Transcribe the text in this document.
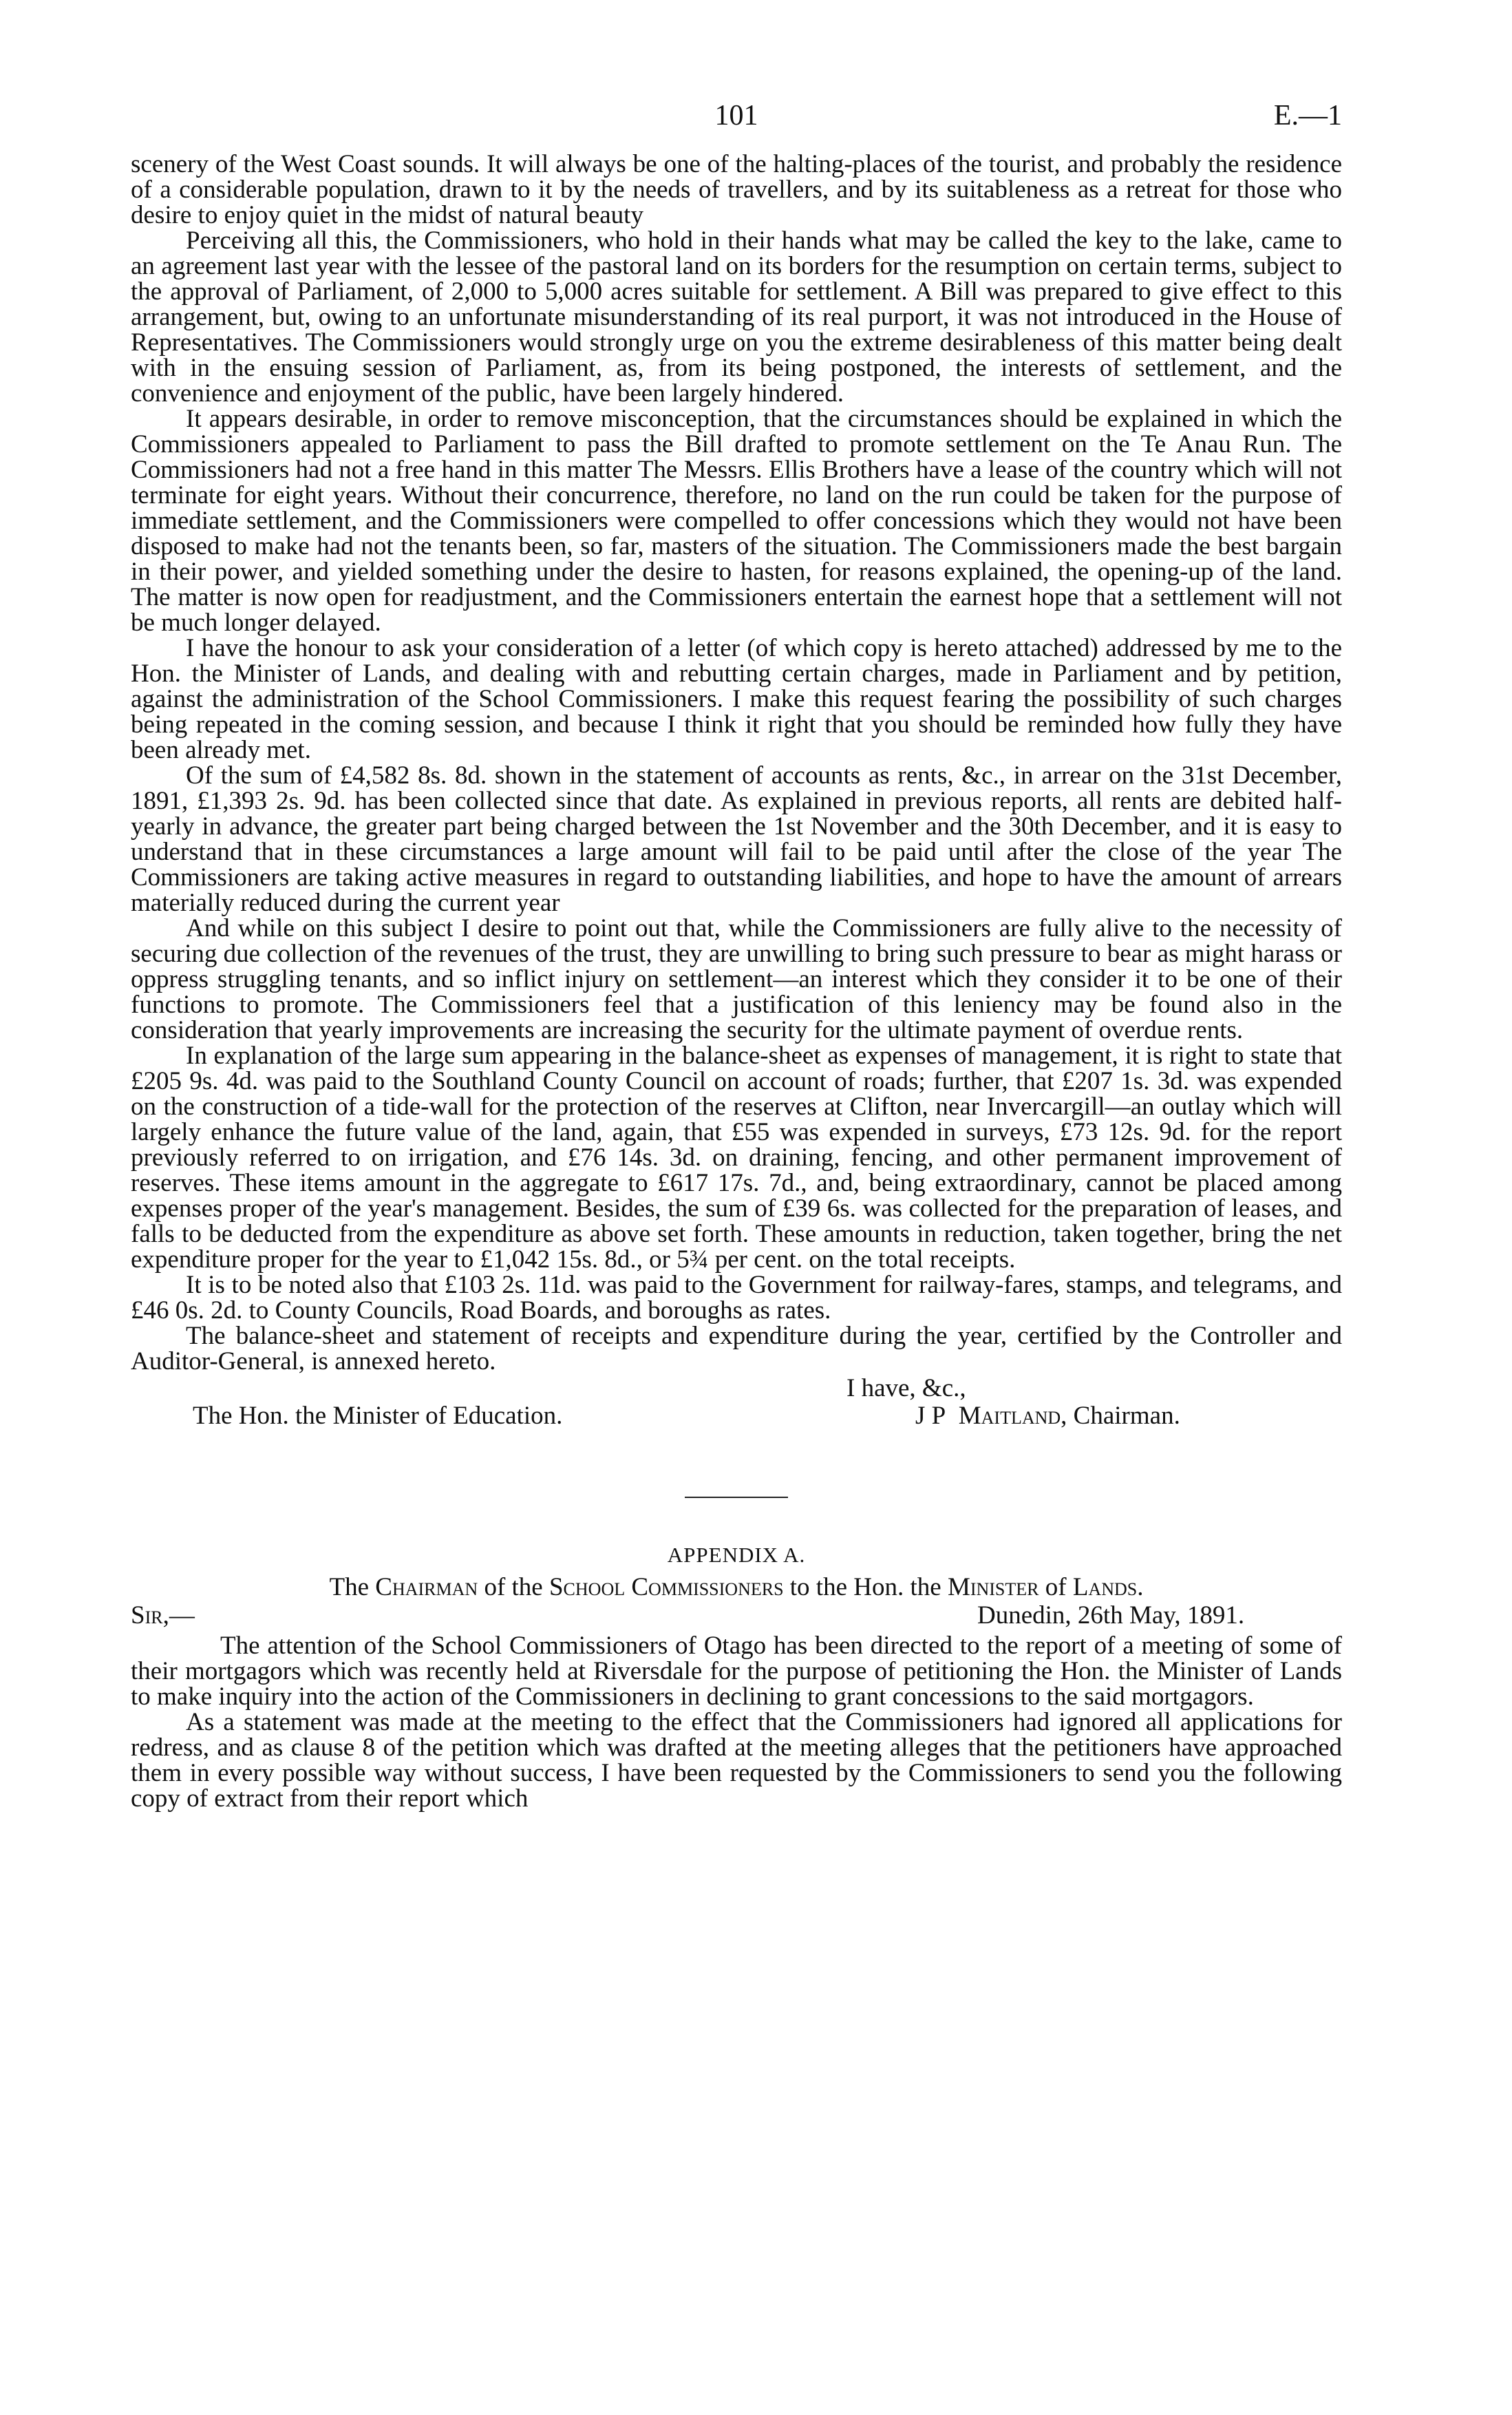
101	E.—1

scenery of the West Coast sounds. It will always be one of the halting-places of the tourist, and probably the residence of a considerable population, drawn to it by the needs of travellers, and by its suitableness as a retreat for those who desire to enjoy quiet in the midst of natural beauty

Perceiving all this, the Commissioners, who hold in their hands what may be called the key to the lake, came to an agreement last year with the lessee of the pastoral land on its borders for the resumption on certain terms, subject to the approval of Parliament, of 2,000 to 5,000 acres suitable for settlement. A Bill was prepared to give effect to this arrangement, but, owing to an unfortunate misunderstanding of its real purport, it was not introduced in the House of Representatives. The Commissioners would strongly urge on you the extreme desirableness of this matter being dealt with in the ensuing session of Parliament, as, from its being postponed, the interests of settlement, and the convenience and enjoyment of the public, have been largely hindered.

It appears desirable, in order to remove misconception, that the circumstances should be explained in which the Commissioners appealed to Parliament to pass the Bill drafted to promote settlement on the Te Anau Run. The Commissioners had not a free hand in this matter The Messrs. Ellis Brothers have a lease of the country which will not terminate for eight years. Without their concurrence, therefore, no land on the run could be taken for the purpose of immediate settlement, and the Commissioners were compelled to offer concessions which they would not have been disposed to make had not the tenants been, so far, masters of the situation. The Commissioners made the best bargain in their power, and yielded something under the desire to hasten, for reasons explained, the opening-up of the land. The matter is now open for readjustment, and the Commissioners entertain the earnest hope that a settlement will not be much longer delayed.

I have the honour to ask your consideration of a letter (of which copy is hereto attached) addressed by me to the Hon. the Minister of Lands, and dealing with and rebutting certain charges, made in Parliament and by petition, against the administration of the School Commissioners. I make this request fearing the possibility of such charges being repeated in the coming session, and because I think it right that you should be reminded how fully they have been already met.

Of the sum of £4,582 8s. 8d. shown in the statement of accounts as rents, &c., in arrear on the 31st December, 1891, £1,393 2s. 9d. has been collected since that date. As explained in previous reports, all rents are debited half-yearly in advance, the greater part being charged between the 1st November and the 30th December, and it is easy to understand that in these circumstances a large amount will fail to be paid until after the close of the year The Commissioners are taking active measures in regard to outstanding liabilities, and hope to have the amount of arrears materially reduced during the current year

And while on this subject I desire to point out that, while the Commissioners are fully alive to the necessity of securing due collection of the revenues of the trust, they are unwilling to bring such pressure to bear as might harass or oppress struggling tenants, and so inflict injury on settlement—an interest which they consider it to be one of their functions to promote. The Commissioners feel that a justification of this leniency may be found also in the consideration that yearly improvements are increasing the security for the ultimate payment of overdue rents.

In explanation of the large sum appearing in the balance-sheet as expenses of management, it is right to state that £205 9s. 4d. was paid to the Southland County Council on account of roads; further, that £207 1s. 3d. was expended on the construction of a tide-wall for the protection of the reserves at Clifton, near Invercargill—an outlay which will largely enhance the future value of the land, again, that £55 was expended in surveys, £73 12s. 9d. for the report previously referred to on irrigation, and £76 14s. 3d. on draining, fencing, and other permanent improvement of reserves. These items amount in the aggregate to £617 17s. 7d., and, being extraordinary, cannot be placed among expenses proper of the year's management. Besides, the sum of £39 6s. was collected for the preparation of leases, and falls to be deducted from the expenditure as above set forth. These amounts in reduction, taken together, bring the net expenditure proper for the year to £1,042 15s. 8d., or 5¾ per cent. on the total receipts.

It is to be noted also that £103 2s. 11d. was paid to the Government for railway-fares, stamps, and telegrams, and £46 0s. 2d. to County Councils, Road Boards, and boroughs as rates.

The balance-sheet and statement of receipts and expenditure during the year, certified by the Controller and Auditor-General, is annexed hereto.

I have, &c.,
The Hon. the Minister of Education.	J P Maitland, Chairman.
APPENDIX A.
The Chairman of the School Commissioners to the Hon. the Minister of Lands.
Sir,—	Dunedin, 26th May, 1891.

The attention of the School Commissioners of Otago has been directed to the report of a meeting of some of their mortgagors which was recently held at Riversdale for the purpose of petitioning the Hon. the Minister of Lands to make inquiry into the action of the Commissioners in declining to grant concessions to the said mortgagors.

As a statement was made at the meeting to the effect that the Commissioners had ignored all applications for redress, and as clause 8 of the petition which was drafted at the meeting alleges that the petitioners have approached them in every possible way without success, I have been requested by the Commissioners to send you the following copy of extract from their report which
